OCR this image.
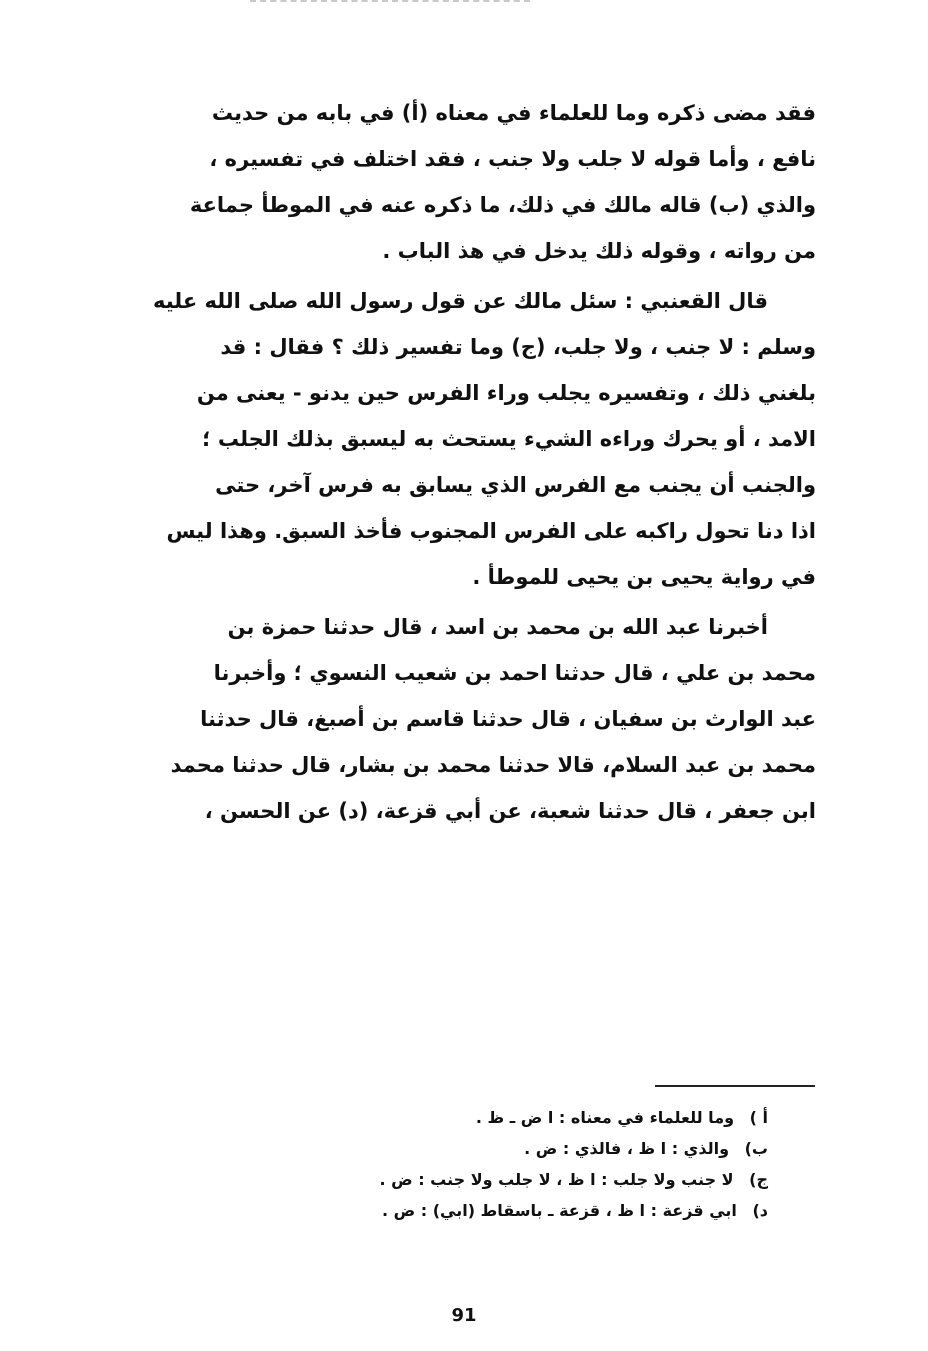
فقد مضى ذكره وما للعلماء في معناه (أ) في بابه من حديث
نافع ، وأما قوله لا جلب ولا جنب ، فقد اختلف في تفسيره ،
والذي (ب) قاله مالك في ذلك، ما ذكره عنه في الموطأ جماعة
من رواته ، وقوله ذلك يدخل في هذ الباب .

قال القعنبي : سئل مالك عن قول رسول الله صلى الله عليه
وسلم : لا جنب ، ولا جلب، (ج) وما تفسير ذلك ؟ فقال : قد
بلغني ذلك ، وتفسيره يجلب وراء الفرس حين يدنو - يعنى من
الامد ، أو يحرك وراءه الشيء يستحث به ليسبق بذلك الجلب ؛
والجنب أن يجنب مع الفرس الذي يسابق به فرس آخر، حتى
اذا دنا تحول راكبه على الفرس المجنوب فأخذ السبق. وهذا ليس
في رواية يحيى بن يحيى للموطأ .

أخبرنا عبد الله بن محمد بن اسد ، قال حدثنا حمزة بن
محمد بن علي ، قال حدثنا احمد بن شعيب النسوي ؛ وأخبرنا
عبد الوارث بن سفيان ، قال حدثنا قاسم بن أصبغ، قال حدثنا
محمد بن عبد السلام، قالا حدثنا محمد بن بشار، قال حدثنا محمد
ابن جعفر ، قال حدثنا شعبة، عن أبي قزعة، (د) عن الحسن ،

أ ) وما للعلماء في معناه : ا ض ـ ظ .
ب) والذي : ا ظ ، فالذي : ض .
ج) لا جنب ولا جلب : ا ظ ، لا جلب ولا جنب : ض .
د) ابي قزعة : ا ظ ، قزعة ـ باسقاط (ابي) : ض .
91
